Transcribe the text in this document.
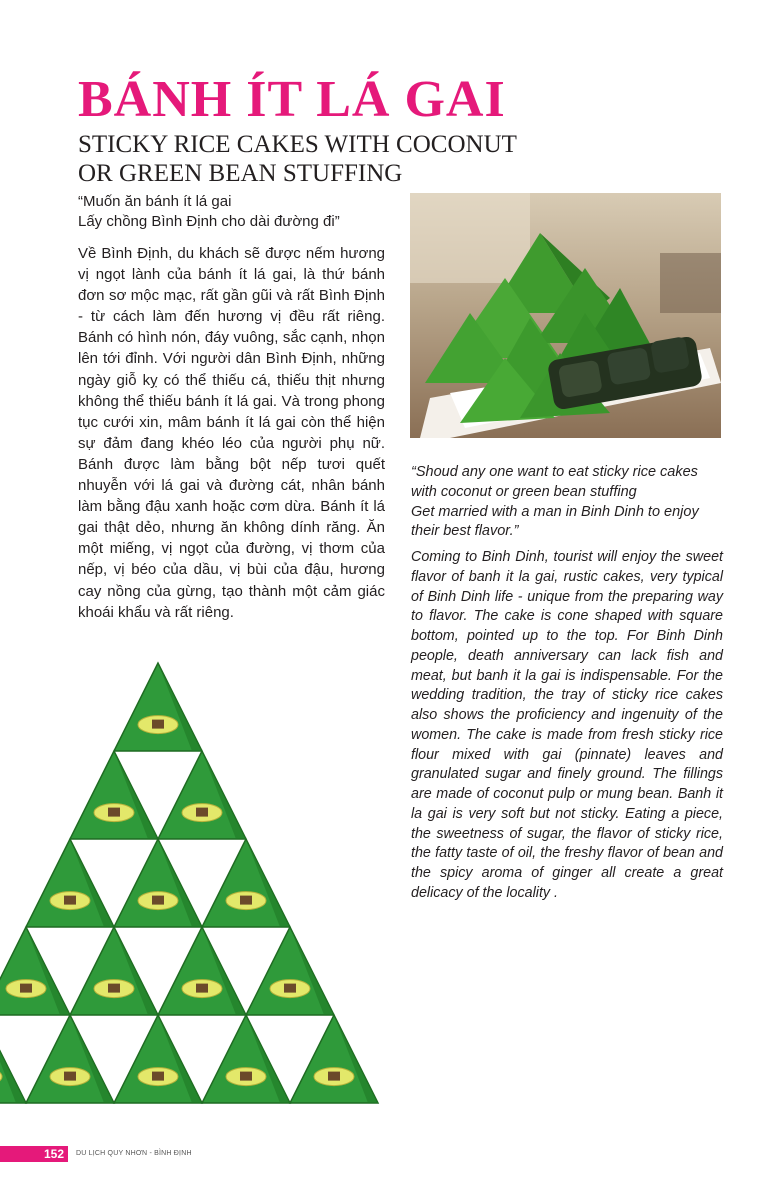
BÁNH ÍT LÁ GAI
STICKY RICE CAKES WITH COCONUT
OR GREEN BEAN STUFFING
“Muốn ăn bánh ít lá gai
Lấy chồng Bình Định cho dài đường đi”

Về Bình Định, du khách sẽ được nếm hương vị ngọt lành của bánh ít lá gai, là thứ bánh đơn sơ mộc mạc, rất gần gũi và rất Bình Định - từ cách làm đến hương vị đều rất riêng. Bánh có hình nón, đáy vuông, sắc cạnh, nhọn lên tới đỉnh. Với người dân Bình Định, những ngày giỗ kỵ có thể thiếu cá, thiếu thịt nhưng không thể thiếu bánh ít lá gai. Và trong phong tục cưới xin, mâm bánh ít lá gai còn thể hiện sự đảm đang khéo léo của người phụ nữ. Bánh được làm bằng bột nếp tươi quết nhuyễn với lá gai và đường cát, nhân bánh làm bằng đậu xanh hoặc cơm dừa. Bánh ít lá gai thật dẻo, nhưng ăn không dính răng. Ăn một miếng, vị ngọt của đường, vị thơm của nếp, vị béo của dầu, vị bùi của đậu, hương cay nồng của gừng, tạo thành một cảm giác khoái khẩu và rất riêng.

“Shoud any one want to eat sticky rice cakes with coconut or green bean stuffing
Get married with a man in Binh Dinh to enjoy their best flavor.”

Coming to Binh Dinh, tourist will enjoy the sweet flavor of banh it la gai, rustic cakes, very typical of Binh Dinh life - unique from the preparing way to flavor. The cake is cone shaped with square bottom, pointed up to the top. For Binh Dinh people, death anniversary can lack fish and meat, but banh it la gai is indispensable. For the wedding tradition, the tray of sticky rice cakes also shows the proficiency and ingenuity of the women. The cake is made from fresh sticky rice flour mixed with gai (pinnate) leaves and granulated sugar and finely ground. The fillings are made of coconut pulp or mung bean. Banh it la gai is very soft but not sticky. Eating a piece, the sweetness of sugar, the flavor of sticky rice, the fatty taste of oil, the freshy flavor of bean and the spicy aroma of ginger all create a great delicacy of the locality .

152	DU LỊCH QUY NHƠN - BÌNH ĐỊNH
